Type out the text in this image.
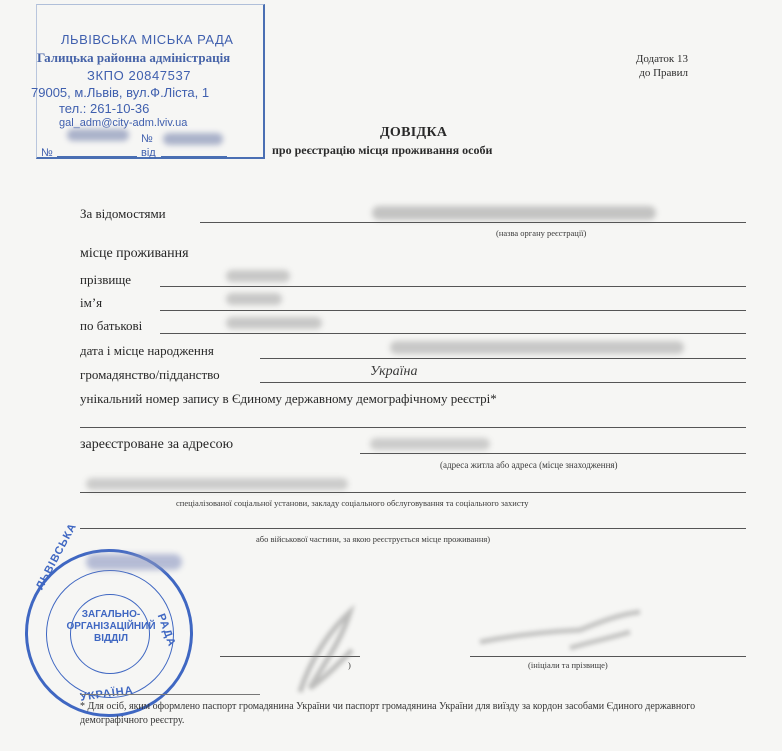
ЛЬВІВСЬКА МІСЬКА РАДА
Галицька районна адміністрація
ЗКПО 20847537
79005, м.Львів, вул.Ф.Ліста, 1
тел.: 261-10-36
gal_adm@city-adm.lviv.ua
№
№	від
Додаток 13
до Правил
ДОВІДКА
про реєстрацію місця проживання особи
За відомостями
(назва органу реєстрації)
місце проживання
прізвище
ім’я
по батькові
дата і місце народження
громадянство/підданство	Україна
унікальний номер запису в Єдиному державному демографічному реєстрі*
зареєстроване за адресою
(адреса житла або адреса (місце знаходження)
спеціалізованої соціальної установи, закладу соціального обслуговування та соціального захисту
або військової частини, за якою реєструється місце проживання)
)	(ініціали та прізвище)
ЛЬВІВСЬКА
РАДА
УКРАЇНА
ЗАГАЛЬНО-
ОРГАНІЗАЦІЙНИЙ
ВІДДІЛ
* Для осіб, яким оформлено паспорт громадянина України чи паспорт громадянина України для виїзду за кордон засобами Єдиного державного демографічного реєстру.
